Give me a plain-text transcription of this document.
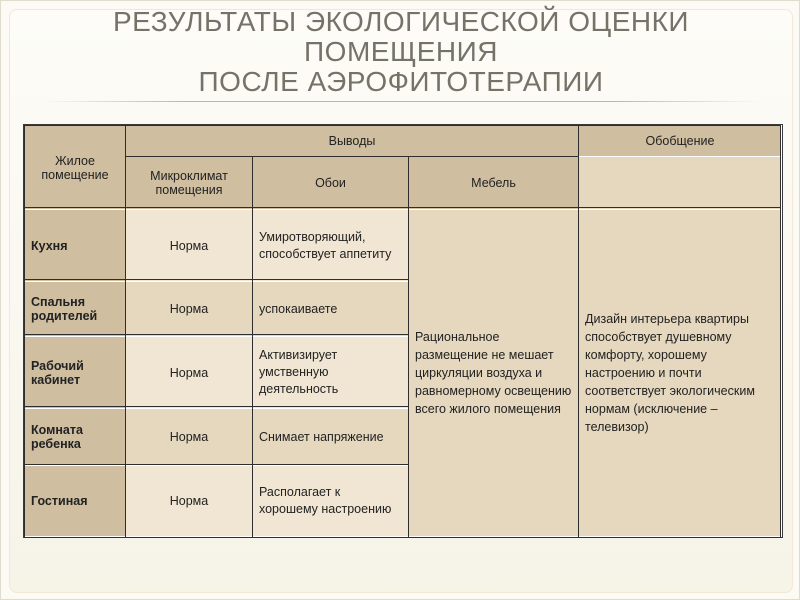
РЕЗУЛЬТАТЫ ЭКОЛОГИЧЕСКОЙ ОЦЕНКИ
ПОМЕЩЕНИЯ
ПОСЛЕ АЭРОФИТОТЕРАПИИ
Жилое помещение	Выводы			Обобщение
	Микроклимат помещения	Обои	Мебель	
Кухня	Норма	Умиротворяющий, способствует аппетиту	Рациональное размещение не мешает циркуляции воздуха и равномерному освещению всего жилого помещения	Дизайн интерьера квартиры способствует душевному комфорту, хорошему настроению и почти соответствует экологическим нормам (исключение – телевизор)
Спальня родителей	Норма	успокаиваете		
Рабочий кабинет	Норма	Активизирует умственную деятельность		
Комната ребенка	Норма	Снимает напряжение		
Гостиная	Норма	Располагает к хорошему настроению		
